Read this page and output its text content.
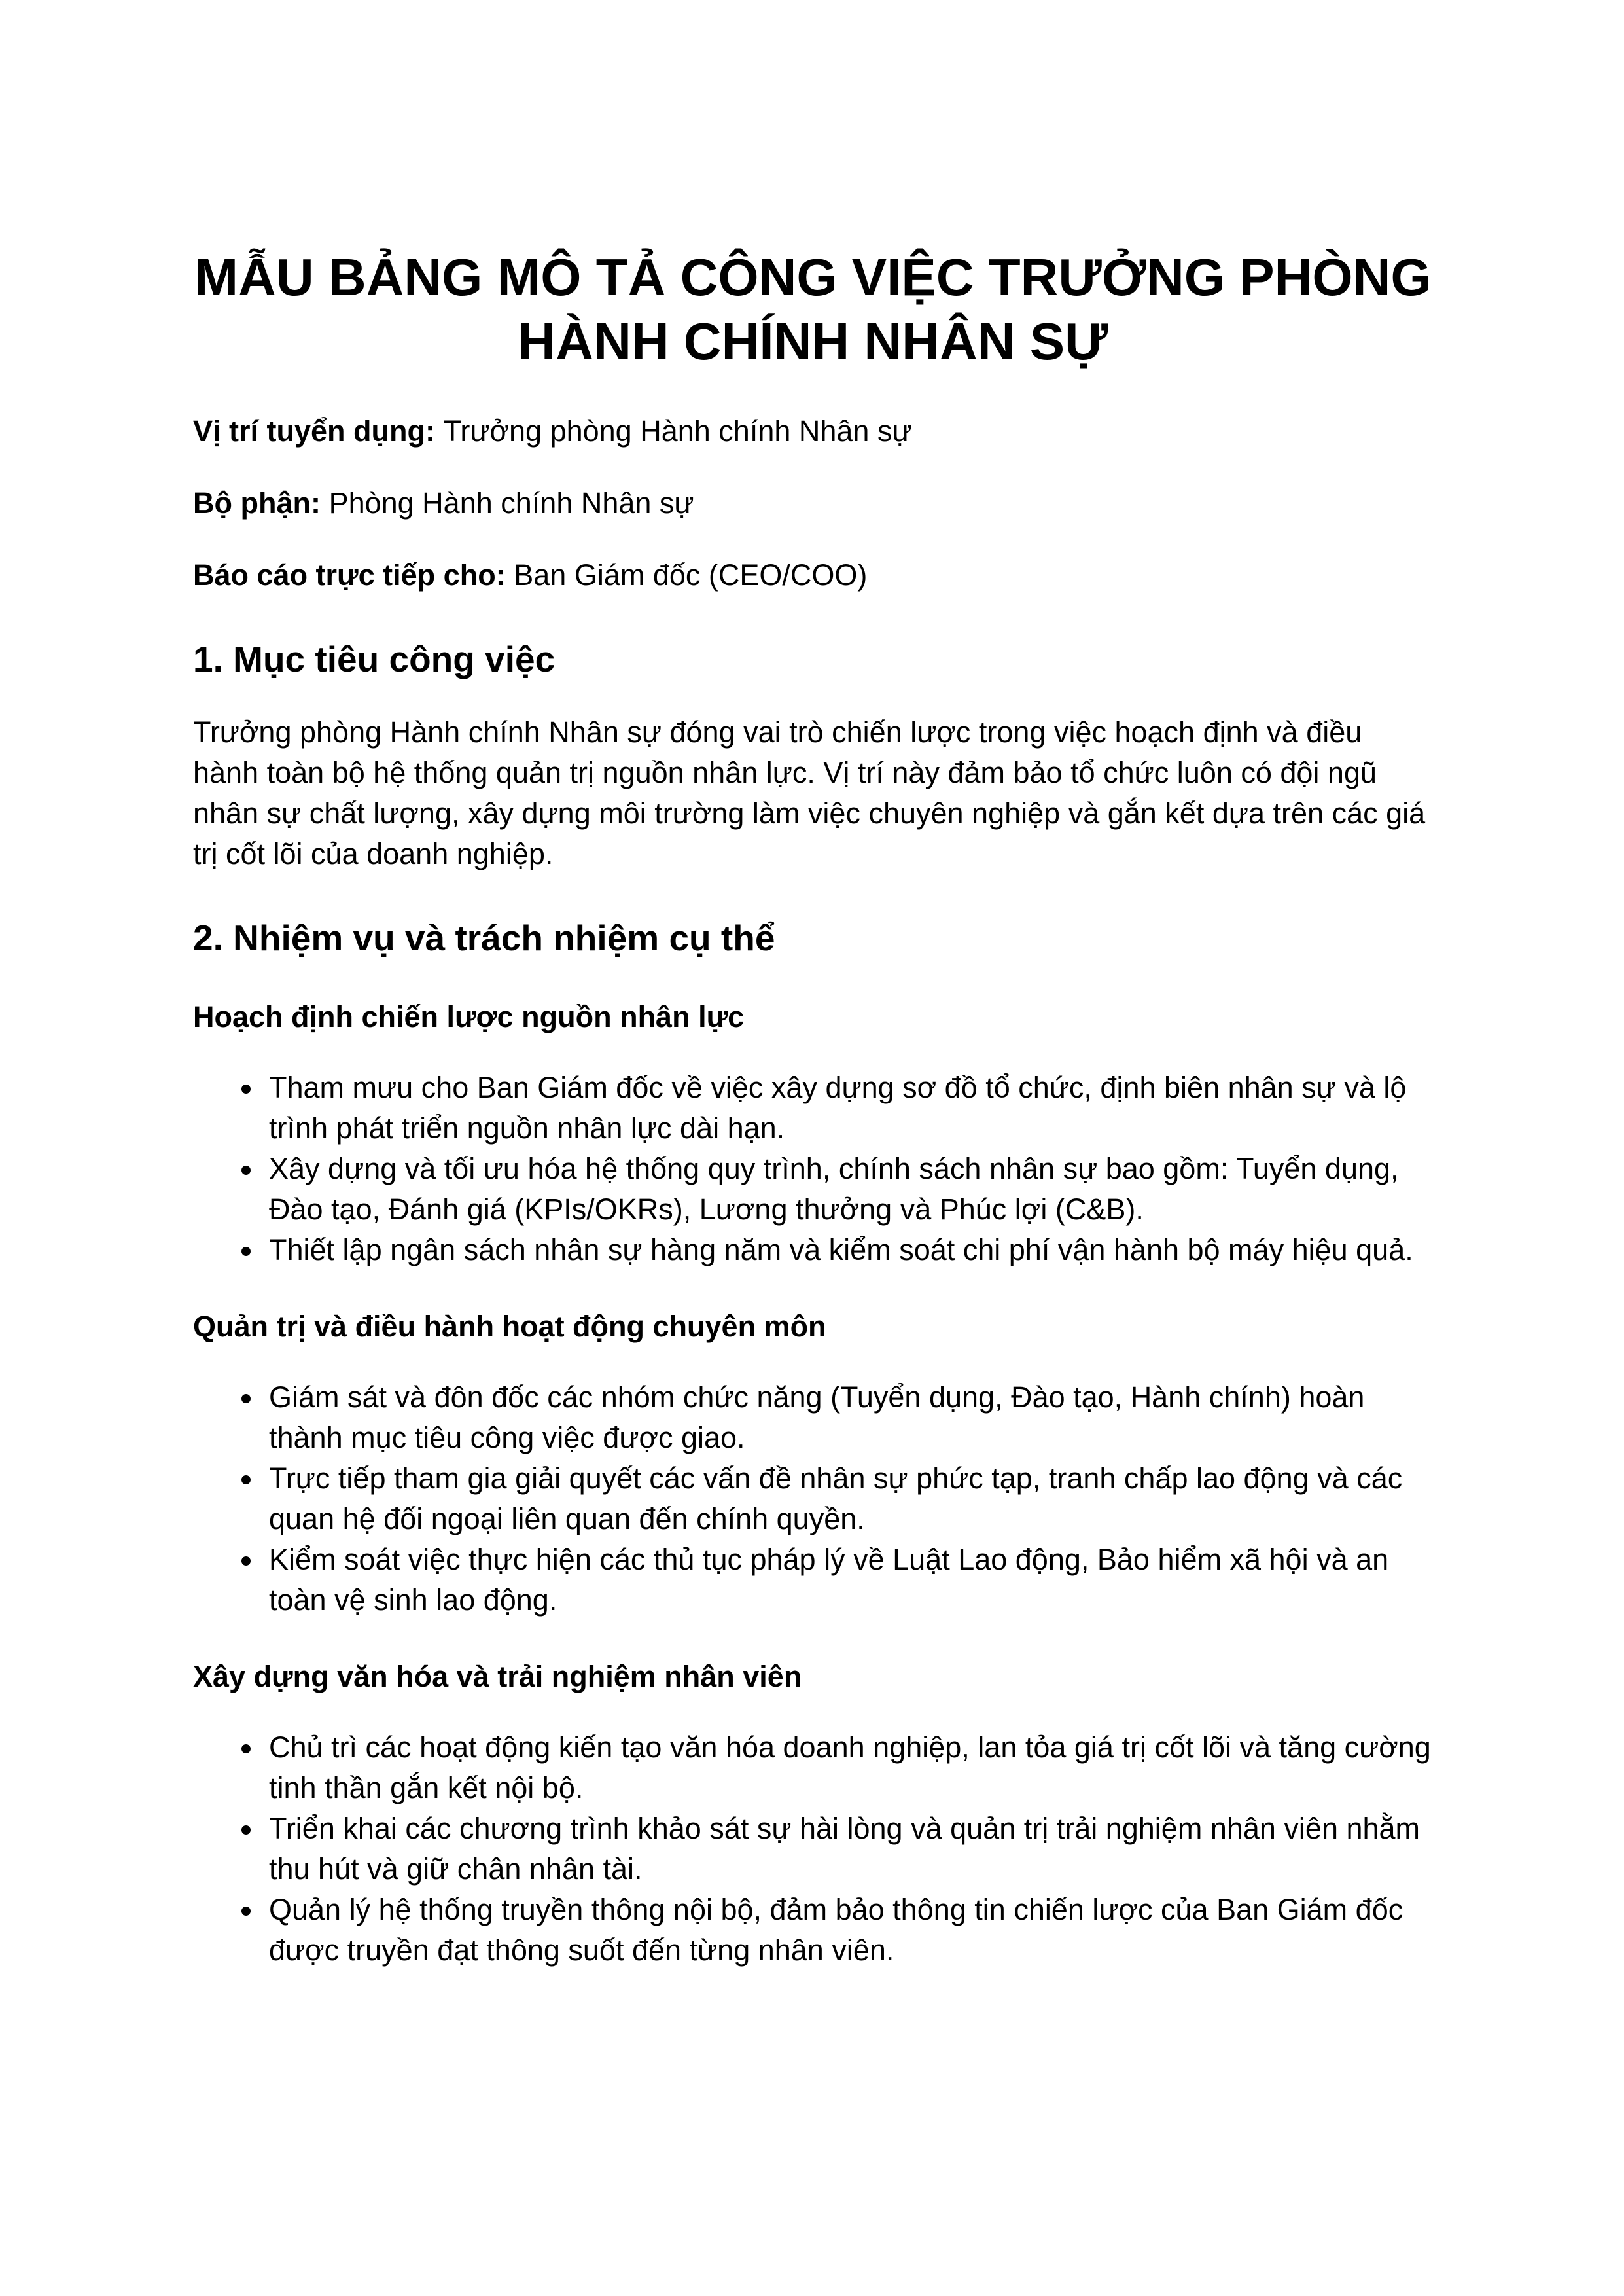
MẪU BẢNG MÔ TẢ CÔNG VIỆC TRƯỞNG PHÒNG HÀNH CHÍNH NHÂN SỰ

Vị trí tuyển dụng: Trưởng phòng Hành chính Nhân sự

Bộ phận: Phòng Hành chính Nhân sự

Báo cáo trực tiếp cho: Ban Giám đốc (CEO/COO)

1. Mục tiêu công việc

Trưởng phòng Hành chính Nhân sự đóng vai trò chiến lược trong việc hoạch định và điều hành toàn bộ hệ thống quản trị nguồn nhân lực. Vị trí này đảm bảo tổ chức luôn có đội ngũ nhân sự chất lượng, xây dựng môi trường làm việc chuyên nghiệp và gắn kết dựa trên các giá trị cốt lõi của doanh nghiệp.

2. Nhiệm vụ và trách nhiệm cụ thể
Hoạch định chiến lược nguồn nhân lực
• Tham mưu cho Ban Giám đốc về việc xây dựng sơ đồ tổ chức, định biên nhân sự và lộ trình phát triển nguồn nhân lực dài hạn.
• Xây dựng và tối ưu hóa hệ thống quy trình, chính sách nhân sự bao gồm: Tuyển dụng, Đào tạo, Đánh giá (KPIs/OKRs), Lương thưởng và Phúc lợi (C&B).
• Thiết lập ngân sách nhân sự hàng năm và kiểm soát chi phí vận hành bộ máy hiệu quả.
Quản trị và điều hành hoạt động chuyên môn
• Giám sát và đôn đốc các nhóm chức năng (Tuyển dụng, Đào tạo, Hành chính) hoàn thành mục tiêu công việc được giao.
• Trực tiếp tham gia giải quyết các vấn đề nhân sự phức tạp, tranh chấp lao động và các quan hệ đối ngoại liên quan đến chính quyền.
• Kiểm soát việc thực hiện các thủ tục pháp lý về Luật Lao động, Bảo hiểm xã hội và an toàn vệ sinh lao động.
Xây dựng văn hóa và trải nghiệm nhân viên
• Chủ trì các hoạt động kiến tạo văn hóa doanh nghiệp, lan tỏa giá trị cốt lõi và tăng cường tinh thần gắn kết nội bộ.
• Triển khai các chương trình khảo sát sự hài lòng và quản trị trải nghiệm nhân viên nhằm thu hút và giữ chân nhân tài.
• Quản lý hệ thống truyền thông nội bộ, đảm bảo thông tin chiến lược của Ban Giám đốc được truyền đạt thông suốt đến từng nhân viên.
